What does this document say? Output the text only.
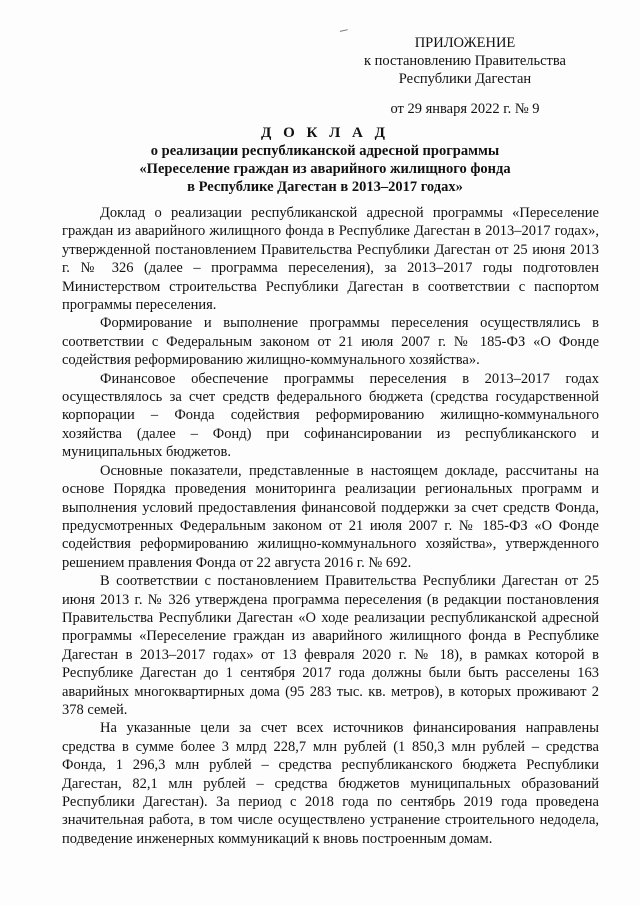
ПРИЛОЖЕНИЕ
к постановлению Правительства
Республики Дагестан
от 29 января 2022 г. № 9
Д О К Л А Д
о реализации республиканской адресной программы
«Переселение граждан из аварийного жилищного фонда
в Республике Дагестан в 2013–2017 годах»

Доклад о реализации республиканской адресной программы «Переселение граждан из аварийного жилищного фонда в Республике Дагестан в 2013–2017 годах», утвержденной постановлением Правительства Республики Дагестан от 25 июня 2013 г. № 326 (далее – программа переселения), за 2013–2017 годы подготовлен Министерством строительства Республики Дагестан в соответствии с паспортом программы переселения.

Формирование и выполнение программы переселения осуществлялись в соответствии с Федеральным законом от 21 июля 2007 г. № 185-ФЗ «О Фонде содействия реформированию жилищно-коммунального хозяйства».

Финансовое обеспечение программы переселения в 2013–2017 годах осуществлялось за счет средств федерального бюджета (средства государственной корпорации – Фонда содействия реформированию жилищно-коммунального хозяйства (далее – Фонд) при софинансировании из республиканского и муниципальных бюджетов.

Основные показатели, представленные в настоящем докладе, рассчитаны на основе Порядка проведения мониторинга реализации региональных программ и выполнения условий предоставления финансовой поддержки за счет средств Фонда, предусмотренных Федеральным законом от 21 июля 2007 г. № 185-ФЗ «О Фонде содействия реформированию жилищно-коммунального хозяйства», утвержденного решением правления Фонда от 22 августа 2016 г. № 692.

В соответствии с постановлением Правительства Республики Дагестан от 25 июня 2013 г. № 326 утверждена программа переселения (в редакции постановления Правительства Республики Дагестан «О ходе реализации республиканской адресной программы «Переселение граждан из аварийного жилищного фонда в Республике Дагестан в 2013–2017 годах» от 13 февраля 2020 г. № 18), в рамках которой в Республике Дагестан до 1 сентября 2017 года должны были быть расселены 163 аварийных многоквартирных дома (95 283 тыс. кв. метров), в которых проживают 2 378 семей.

На указанные цели за счет всех источников финансирования направлены средства в сумме более 3 млрд 228,7 млн рублей (1 850,3 млн рублей – средства Фонда, 1 296,3 млн рублей – средства республиканского бюджета Республики Дагестан, 82,1 млн рублей – средства бюджетов муниципальных образований Республики Дагестан). За период с 2018 года по сентябрь 2019 года проведена значительная работа, в том числе осуществлено устранение строительного недодела, подведение инженерных коммуникаций к вновь построенным домам.
